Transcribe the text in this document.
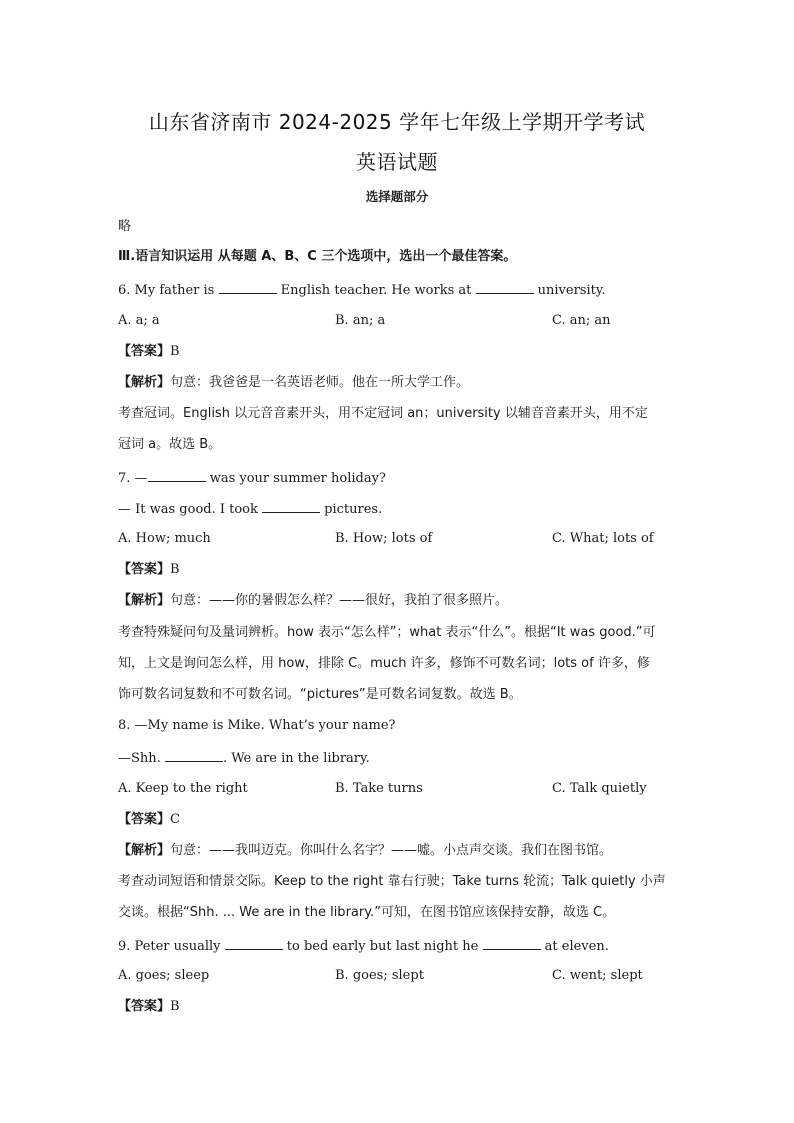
山东省济南市 2024-2025 学年七年级上学期开学考试
英语试题
选择题部分
略
Ⅲ.语言知识运用 从每题 A、B、C 三个选项中，选出一个最佳答案。
6. My father is	English teacher. He works at	university.
A. a; a	B. an; a	C. an; an
【答案】B
【解析】句意：我爸爸是一名英语老师。他在一所大学工作。
考查冠词。English 以元音音素开头，用不定冠词 an；university 以辅音音素开头，用不定
冠词 a。故选 B。
7. —	was your summer holiday?
— It was good. I took	pictures.
A. How; much	B. How; lots of	C. What; lots of
【答案】B
【解析】句意：——你的暑假怎么样？——很好，我拍了很多照片。
考查特殊疑问句及量词辨析。how 表示“怎么样”；what 表示“什么”。根据“It was good.”可
知，上文是询问怎么样，用 how，排除 C。much 许多，修饰不可数名词；lots of 许多，修
饰可数名词复数和不可数名词。“pictures”是可数名词复数。故选 B。
8. —My name is Mike. What’s your name?
—Shh.	. We are in the library.
A. Keep to the right	B. Take turns	C. Talk quietly
【答案】C
【解析】句意：——我叫迈克。你叫什么名字？——嘘。小点声交谈。我们在图书馆。
考查动词短语和情景交际。Keep to the right 靠右行驶；Take turns 轮流；Talk quietly 小声
交谈。根据“Shh. ... We are in the library.”可知，在图书馆应该保持安静，故选 C。
9. Peter usually	to bed early but last night he	at eleven.
A. goes; sleep	B. goes; slept	C. went; slept
【答案】B
